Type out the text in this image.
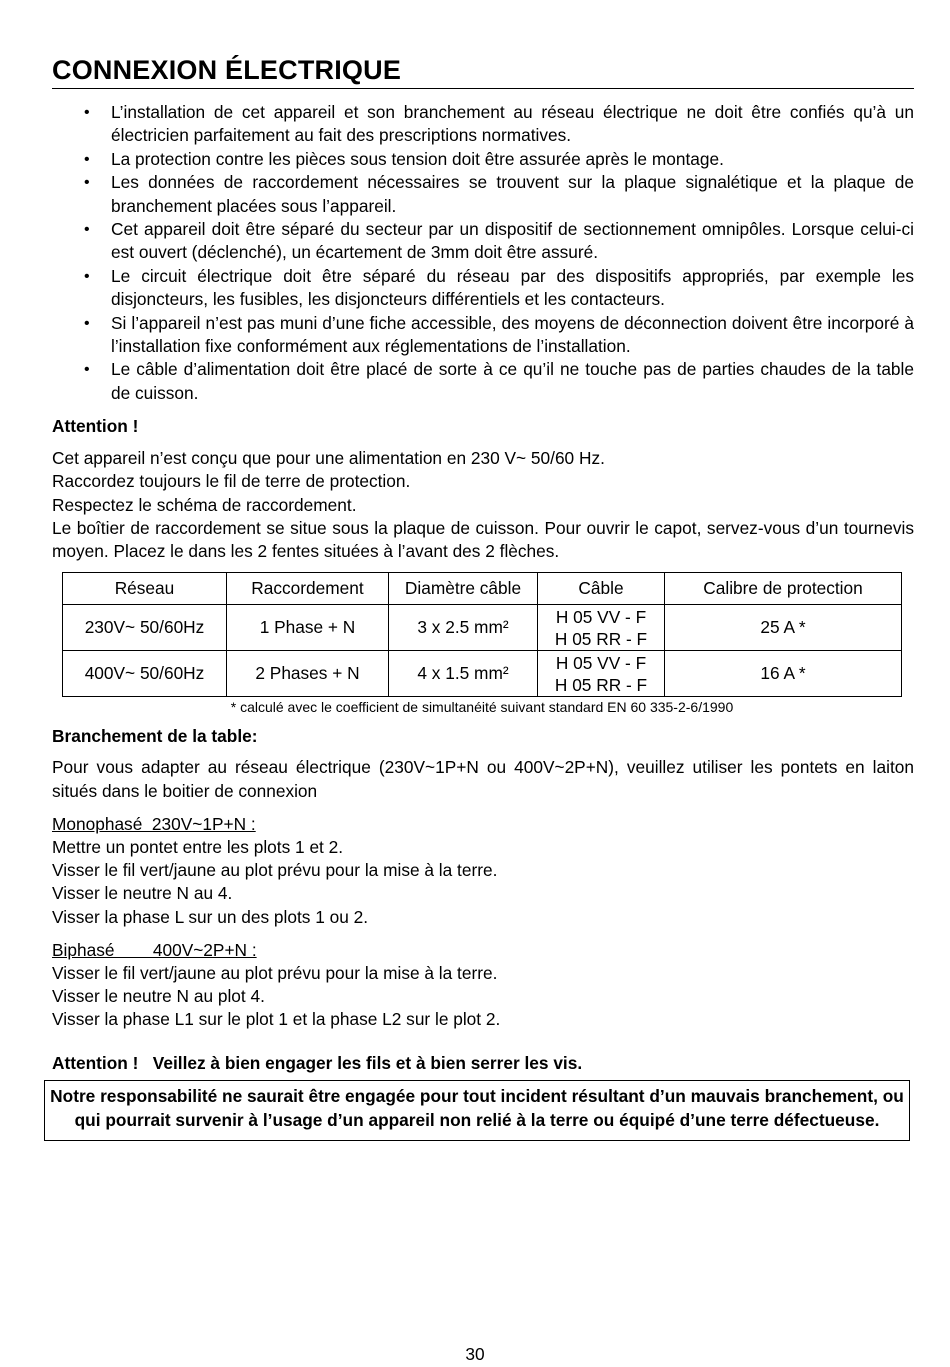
CONNEXION ÉLECTRIQUE
• L’installation de cet appareil et son branchement au réseau électrique ne doit être confiés qu’à un électricien parfaitement au fait des prescriptions normatives.
• La protection contre les pièces sous tension doit être assurée après le montage.
• Les données de raccordement nécessaires se trouvent sur la plaque signalétique et la plaque de branchement placées sous l’appareil.
• Cet appareil doit être séparé du secteur par un dispositif de sectionnement omnipôles. Lorsque celui-ci est ouvert (déclenché), un écartement de 3mm doit être assuré.
• Le circuit électrique doit être séparé du réseau par des dispositifs appropriés, par exemple les disjoncteurs, les fusibles, les disjoncteurs différentiels et les contacteurs.
• Si l’appareil n’est pas muni d’une fiche accessible, des moyens de déconnection doivent être incorporé à l’installation fixe conformément aux réglementations de l’installation.
• Le câble d’alimentation doit être placé de sorte à ce qu’il ne touche pas de parties chaudes de la table de cuisson.
Attention !

Cet appareil n’est conçu que pour une alimentation en 230 V~ 50/60 Hz.

Raccordez toujours le fil de terre de protection.

Respectez le schéma de raccordement.

Le boîtier de raccordement se situe sous la plaque de cuisson. Pour ouvrir le capot, servez-vous d’un tournevis moyen. Placez le dans les 2 fentes situées à l’avant des 2 flèches.

Réseau	Raccordement	Diamètre câble	Câble	Calibre de protection
230V~ 50/60Hz	1 Phase + N	3 x 2.5 mm²	H 05 VV - F
H 05 RR - F	25 A *
400V~ 50/60Hz	2 Phases + N	4 x 1.5 mm²	H 05 VV - F
H 05 RR - F	16 A *
* calculé avec le coefficient de simultanéité suivant standard EN 60 335-2-6/1990
Branchement de la table:
Pour vous adapter au réseau électrique (230V~1P+N ou 400V~2P+N), veuillez utiliser les pontets en laiton situés dans le boitier de connexion

Monophasé  230V~1P+N :

Mettre un pontet entre les plots 1 et 2.

Visser le fil vert/jaune au plot prévu pour la mise à la terre.

Visser le neutre N au 4.

Visser la phase L sur un des plots 1 ou 2.

Biphasé        400V~2P+N :

Visser le fil vert/jaune au plot prévu pour la mise à la terre.

Visser le neutre N au plot 4.

Visser la phase L1 sur le plot 1 et la phase L2 sur le plot 2.

Attention !   Veillez à bien engager les fils et à bien serrer les vis.
Notre responsabilité ne saurait être engagée pour tout incident résultant d’un mauvais branchement, ou qui pourrait survenir à l’usage d’un appareil non relié à la terre ou équipé d’une terre défectueuse.
30
